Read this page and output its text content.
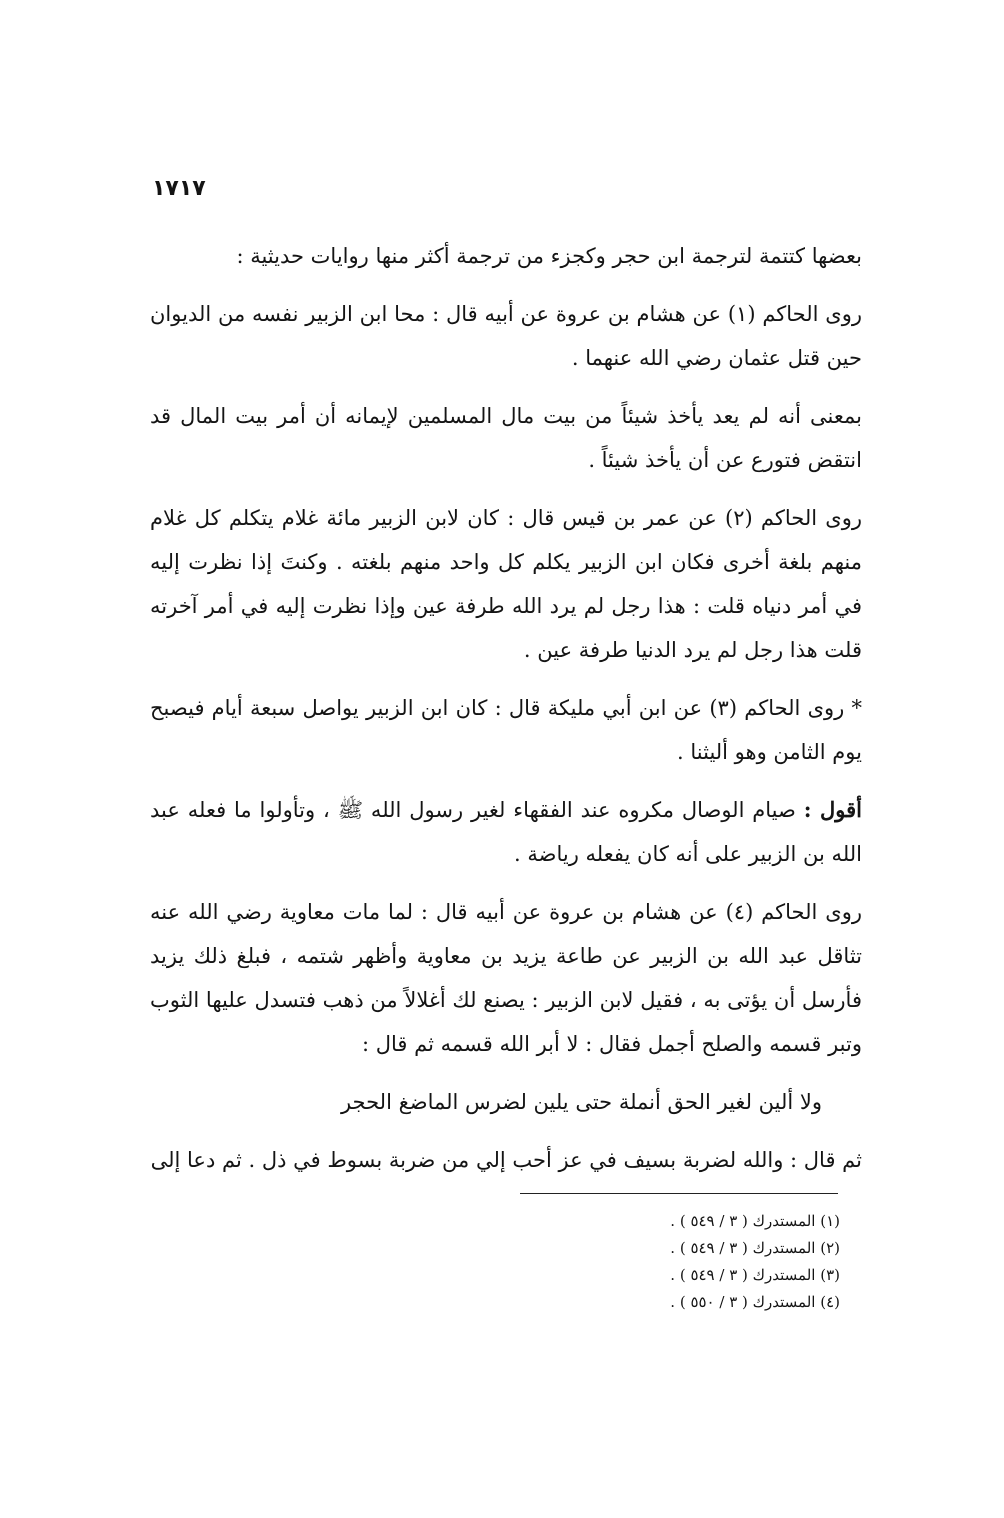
١٧١٧

بعضها كتتمة لترجمة ابن حجر وكجزء من ترجمة أكثر منها روايات حديثية :

روى الحاكم (١) عن هشام بن عروة عن أبيه قال : محا ابن الزبير نفسه من الديوان حين قتل عثمان رضي الله عنهما .

بمعنى أنه لم يعد يأخذ شيئاً من بيت مال المسلمين لإيمانه أن أمر بيت المال قد انتقض فتورع عن أن يأخذ شيئاً .

روى الحاكم (٢) عن عمر بن قيس قال : كان لابن الزبير مائة غلام يتكلم كل غلام منهم بلغة أخرى فكان ابن الزبير يكلم كل واحد منهم بلغته . وكنتَ إذا نظرت إليه في أمر دنياه قلت : هذا رجل لم يرد الله طرفة عين وإذا نظرت إليه في أمر آخرته قلت هذا رجل لم يرد الدنيا طرفة عين .

* روى الحاكم (٣) عن ابن أبي مليكة قال : كان ابن الزبير يواصل سبعة أيام فيصبح يوم الثامن وهو أليثنا .

أقول : صيام الوصال مكروه عند الفقهاء لغير رسول الله ﷺ ، وتأولوا ما فعله عبد الله بن الزبير على أنه كان يفعله رياضة .

روى الحاكم (٤) عن هشام بن عروة عن أبيه قال : لما مات معاوية رضي الله عنه تثاقل عبد الله بن الزبير عن طاعة يزيد بن معاوية وأظهر شتمه ، فبلغ ذلك يزيد فأرسل أن يؤتى به ، فقيل لابن الزبير : يصنع لك أغلالاً من ذهب فتسدل عليها الثوب وتبر قسمه والصلح أجمل فقال : لا أبر الله قسمه ثم قال :

ولا ألين لغير الحق أنملة حتى يلين لضرس الماضغ الحجر

ثم قال : والله لضربة بسيف في عز أحب إلي من ضربة بسوط في ذل . ثم دعا إلى

(١) المستدرك ( ٣ / ٥٤٩ ) .
(٢) المستدرك ( ٣ / ٥٤٩ ) .
(٣) المستدرك ( ٣ / ٥٤٩ ) .
(٤) المستدرك ( ٣ / ٥٥٠ ) .
